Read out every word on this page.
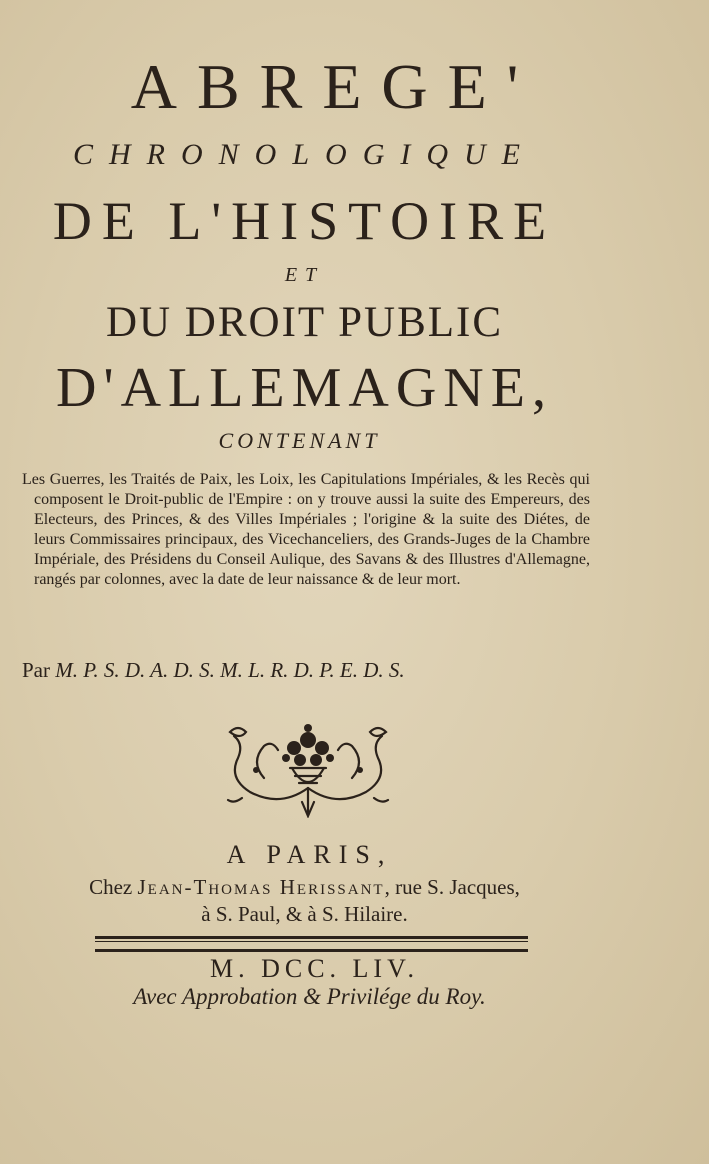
ABREGE'
CHRONOLOGIQUE
DE L'HISTOIRE
ET
DU DROIT PUBLIC
D'ALLEMAGNE,
CONTENANT

Les Guerres, les Traités de Paix, les Loix, les Capitulations Impériales, & les Recès qui composent le Droit-public de l'Empire : on y trouve aussi la suite des Empereurs, des Electeurs, des Princes, & des Villes Impériales ; l'origine & la suite des Diétes, de leurs Commissaires principaux, des Vicechanceliers, des Grands-Juges de la Chambre Impériale, des Présidens du Conseil Aulique, des Savans & des Illustres d'Allemagne, rangés par colonnes, avec la date de leur naissance & de leur mort.

Par M. P. S. D. A. D. S. M. L. R. D. P. E. D. S.
A PARIS,
Chez Jean-Thomas Herissant, rue S. Jacques,
à S. Paul, & à S. Hilaire.
M. DCC. LIV.
Avec Approbation & Privilége du Roy.
